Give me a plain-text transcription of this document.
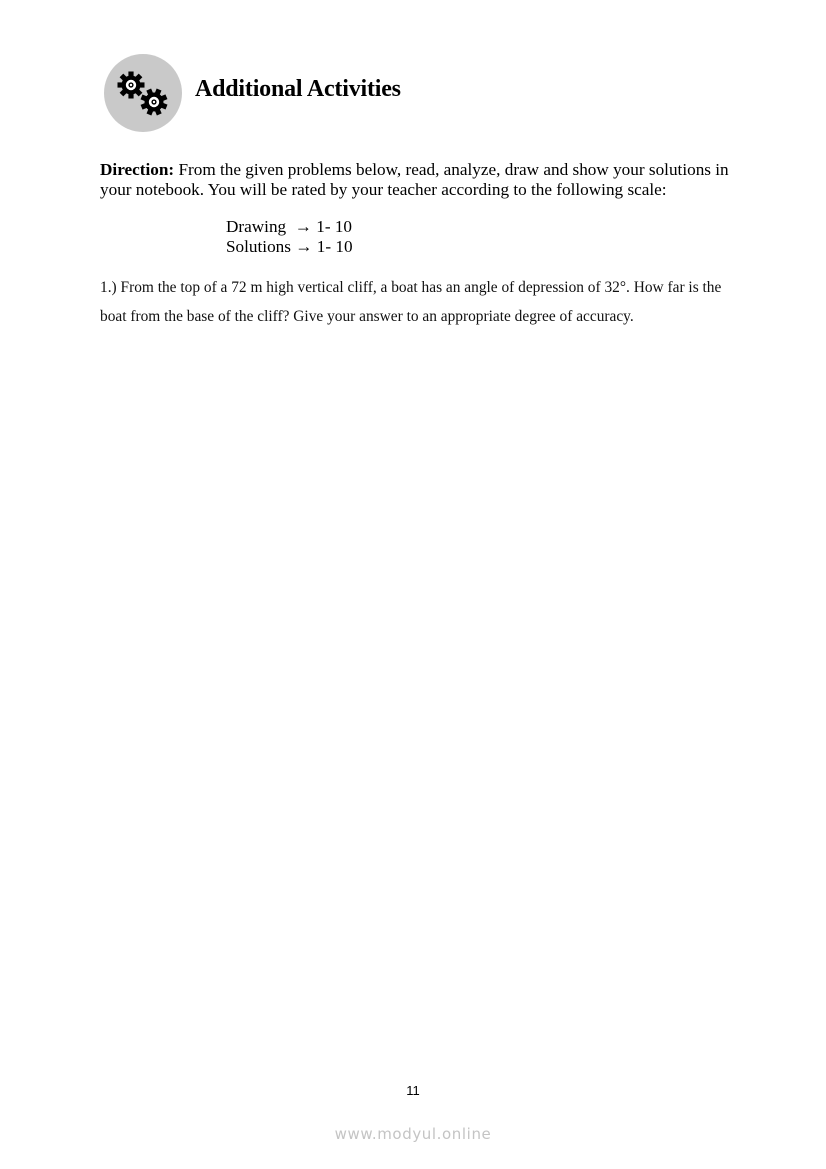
Additional Activities

Direction: From the given problems below, read, analyze, draw and show your solutions in your notebook. You will be rated by your teacher according to the following scale:

Drawing → 1- 10
Solutions → 1- 10

1.) From the top of a 72 m high vertical cliff, a boat has an angle of depression of 32°. How far is the boat from the base of the cliff? Give your answer to an appropriate degree of accuracy.

11
www.modyul.online
